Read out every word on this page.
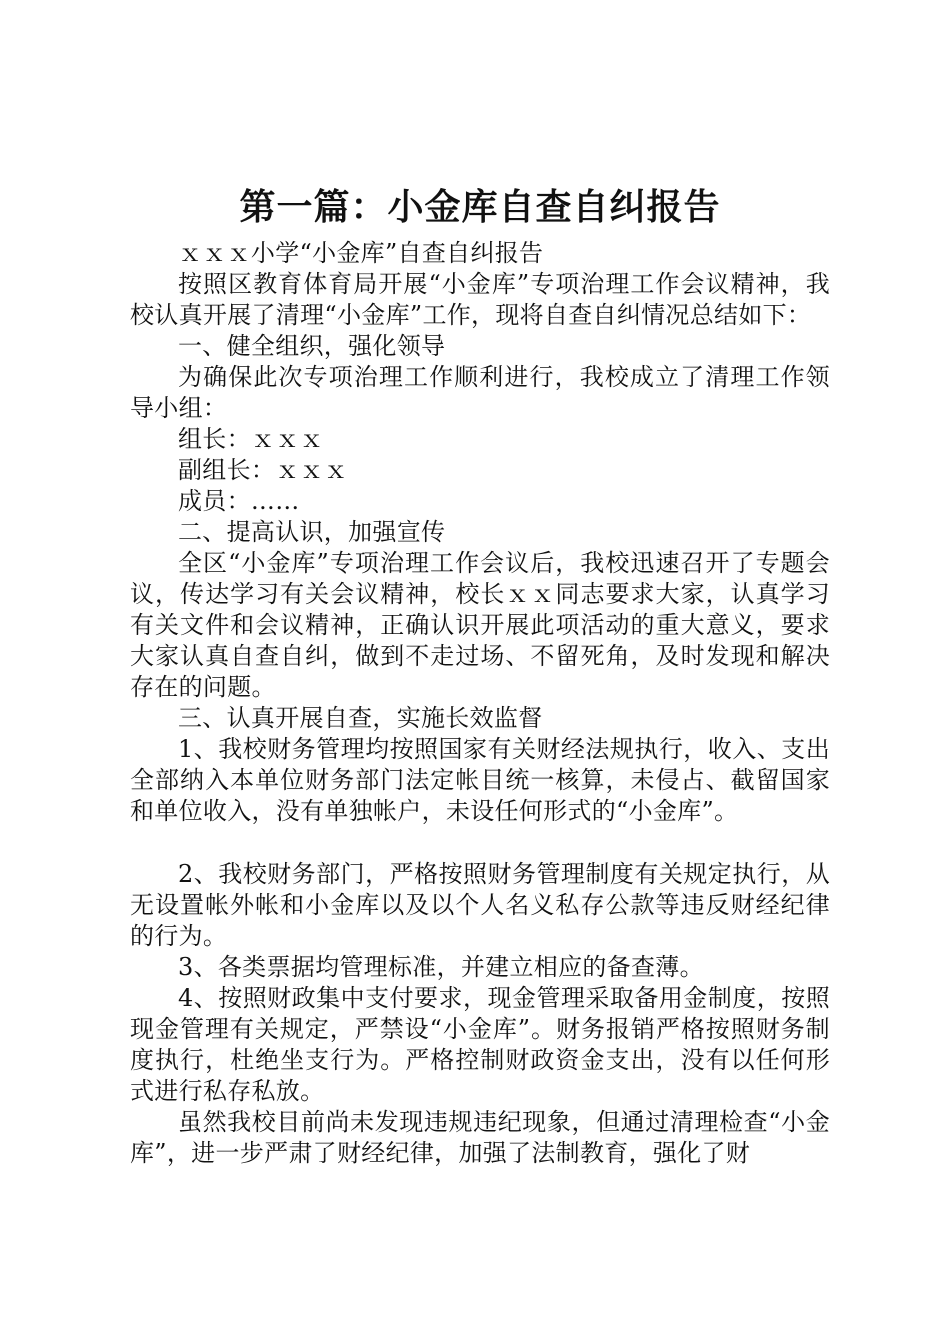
第一篇：小金库自查自纠报告

ｘｘｘ小学“小金库”自查自纠报告

按照区教育体育局开展“小金库”专项治理工作会议精神，我校认真开展了清理“小金库”工作，现将自查自纠情况总结如下：

一、健全组织，强化领导

为确保此次专项治理工作顺利进行，我校成立了清理工作领导小组：

组长：ｘｘｘ

副组长：ｘｘｘ

成员：……

二、提高认识，加强宣传

全区“小金库”专项治理工作会议后，我校迅速召开了专题会议，传达学习有关会议精神，校长ｘｘ同志要求大家，认真学习有关文件和会议精神，正确认识开展此项活动的重大意义，要求大家认真自查自纠，做到不走过场、不留死角，及时发现和解决存在的问题。

三、认真开展自查，实施长效监督

1、我校财务管理均按照国家有关财经法规执行，收入、支出全部纳入本单位财务部门法定帐目统一核算，未侵占、截留国家和单位收入，没有单独帐户，未设任何形式的“小金库”。

2、我校财务部门，严格按照财务管理制度有关规定执行，从无设置帐外帐和小金库以及以个人名义私存公款等违反财经纪律的行为。

3、各类票据均管理标准，并建立相应的备查薄。

4、按照财政集中支付要求，现金管理采取备用金制度，按照现金管理有关规定，严禁设“小金库”。财务报销严格按照财务制度执行，杜绝坐支行为。严格控制财政资金支出，没有以任何形式进行私存私放。

虽然我校目前尚未发现违规违纪现象，但通过清理检查“小金库”，进一步严肃了财经纪律，加强了法制教育，强化了财
